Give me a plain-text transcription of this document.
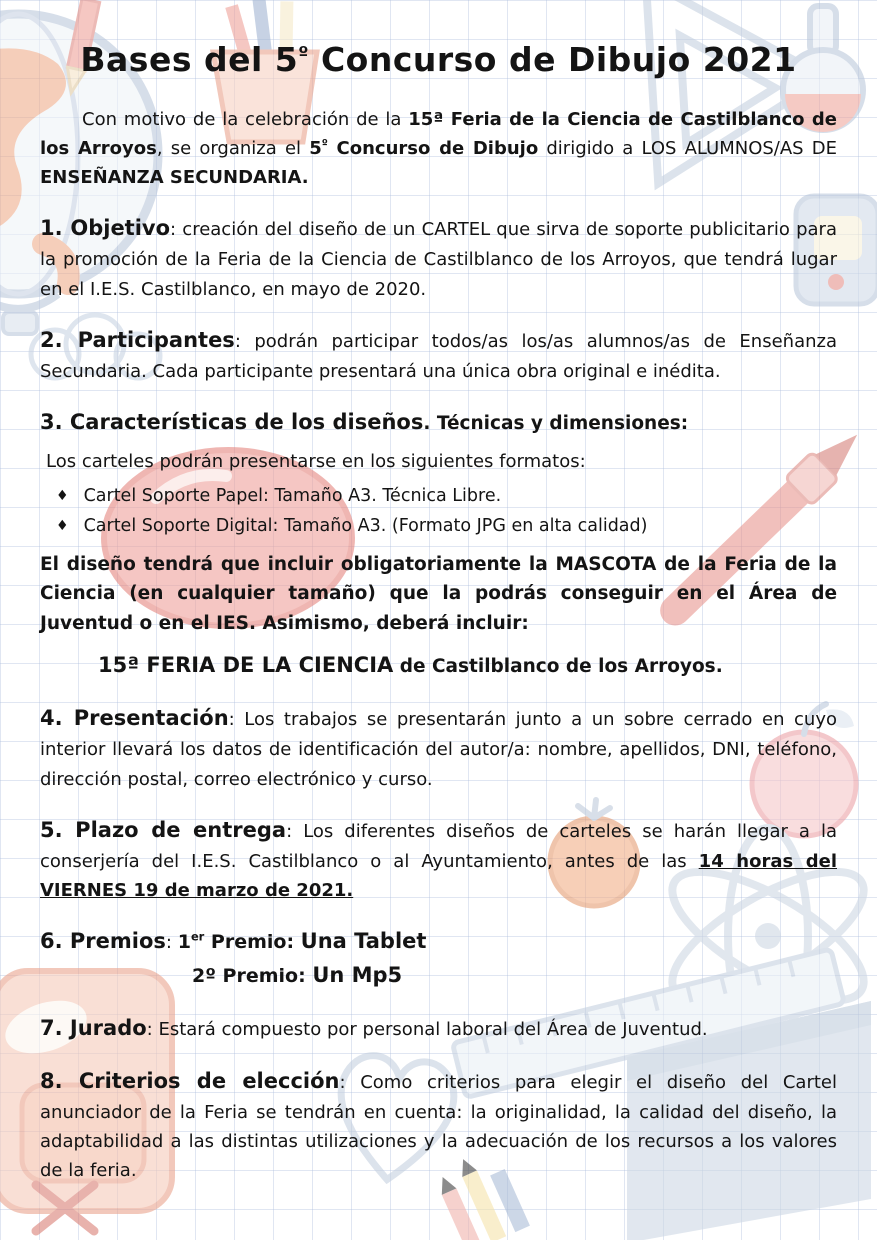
Bases del $5^º$ Concurso de Dibujo 2021

Con motivo de la celebración de la 15ª Feria de la Ciencia de Castilblanco de los Arroyos, se organiza el $5^º$ Concurso de Dibujo dirigido a LOS ALUMNOS/AS DE ENSEÑANZA SECUNDARIA.

1. Objetivo: creación del diseño de un CARTEL que sirva de soporte publicitario para la promoción de la Feria de la Ciencia de Castilblanco de los Arroyos, que tendrá lugar en el I.E.S. Castilblanco, en mayo de 2020.

2. Participantes: podrán participar todos/as los/as alumnos/as de Enseñanza Secundaria. Cada participante presentará una única obra original e inédita.

3. Características de los diseños. Técnicas y dimensiones:

Los carteles podrán presentarse en los siguientes formatos:

♦ Cartel Soporte Papel: Tamaño A3. Técnica Libre.
♦ Cartel Soporte Digital: Tamaño A3. (Formato JPG en alta calidad)

El diseño tendrá que incluir obligatoriamente la MASCOTA de la Feria de la Ciencia (en cualquier tamaño) que la podrás conseguir en el Área de Juventud o en el IES. Asimismo, deberá incluir:

15ª FERIA DE LA CIENCIA de Castilblanco de los Arroyos.

4. Presentación: Los trabajos se presentarán junto a un sobre cerrado en cuyo interior llevará los datos de identificación del autor/a: nombre, apellidos, DNI, teléfono, dirección postal, correo electrónico y curso.

5. Plazo de entrega: Los diferentes diseños de carteles se harán llegar a la conserjería del I.E.S. Castilblanco o al Ayuntamiento, antes de las 14 horas del VIERNES 19 de marzo de 2021.

6. Premios: 1er Premio: Una Tablet

2º Premio: Un Mp5

7. Jurado: Estará compuesto por personal laboral del Área de Juventud.

8. Criterios de elección: Como criterios para elegir el diseño del Cartel anunciador de la Feria se tendrán en cuenta: la originalidad, la calidad del diseño, la adaptabilidad a las distintas utilizaciones y la adecuación de los recursos a los valores de la feria.
